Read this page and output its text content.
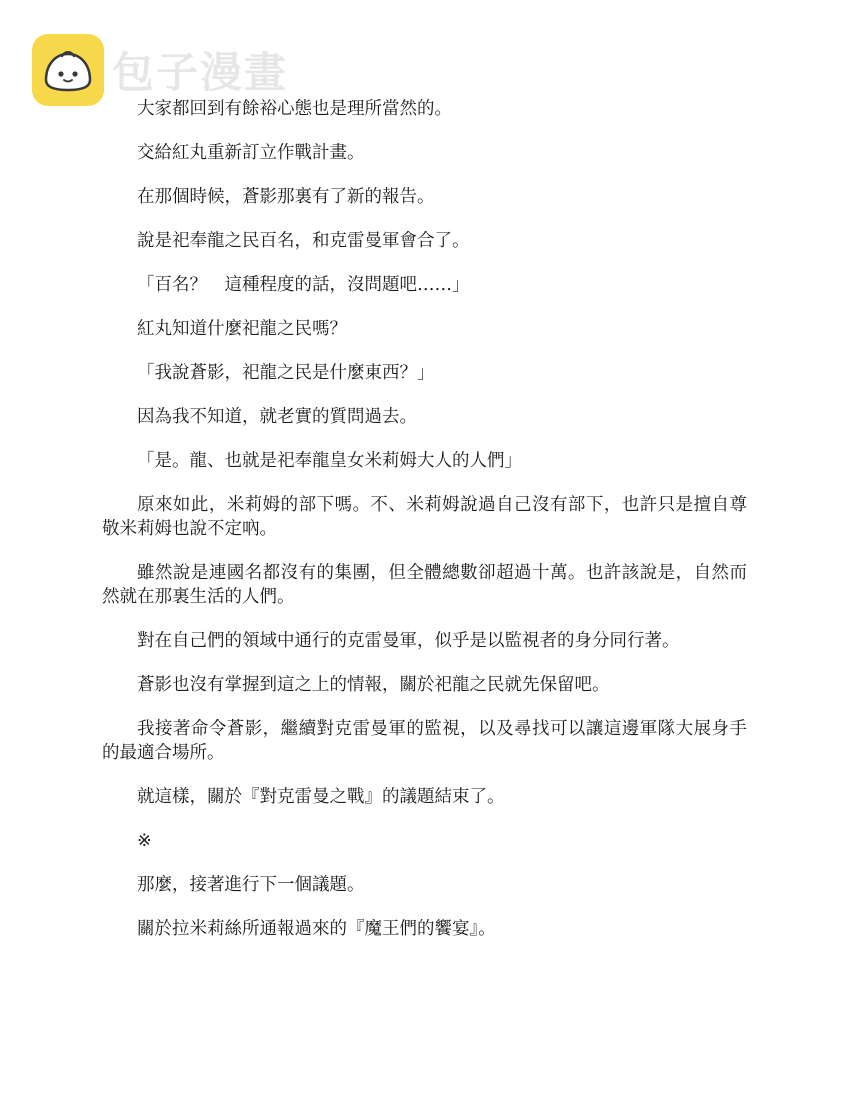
包子漫畫

大家都回到有餘裕心態也是理所當然的。

交給紅丸重新訂立作戰計畫。

在那個時候，蒼影那裏有了新的報告。

說是祀奉龍之民百名，和克雷曼軍會合了。

「百名？　這種程度的話，沒問題吧……」

紅丸知道什麼祀龍之民嗎？

「我說蒼影，祀龍之民是什麼東西？」

因為我不知道，就老實的質問過去。

「是。龍、也就是祀奉龍皇女米莉姆大人的人們」

原來如此，米莉姆的部下嗎。不、米莉姆說過自己沒有部下，也許只是擅自尊敬米莉姆也說不定吶。

雖然說是連國名都沒有的集團，但全體總數卻超過十萬。也許該說是，自然而然就在那裏生活的人們。

對在自己們的領域中通行的克雷曼軍，似乎是以監視者的身分同行著。

蒼影也沒有掌握到這之上的情報，關於祀龍之民就先保留吧。

我接著命令蒼影，繼續對克雷曼軍的監視，以及尋找可以讓這邊軍隊大展身手的最適合場所。

就這樣，關於『對克雷曼之戰』的議題結束了。

※

那麼，接著進行下一個議題。

關於拉米莉絲所通報過來的『魔王們的饗宴』。
